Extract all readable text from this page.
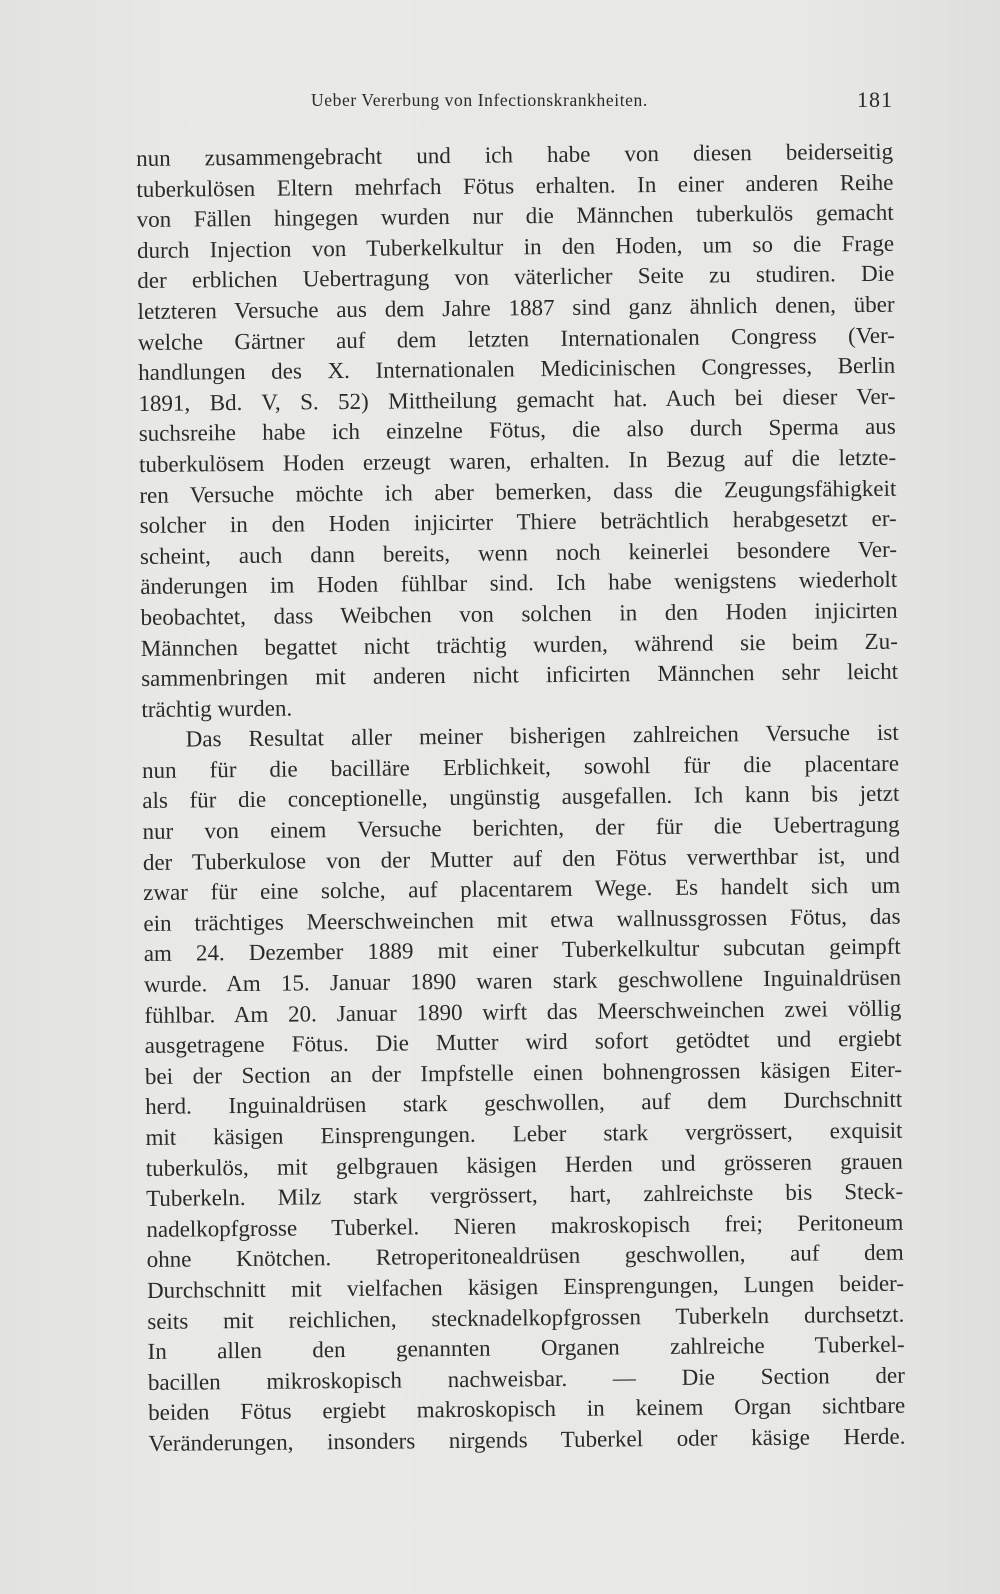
Ueber Vererbung von Infectionskrankheiten.	181
nun zusammengebracht und ich habe von diesen beiderseitig
tuberkulösen Eltern mehrfach Fötus erhalten. In einer anderen Reihe
von Fällen hingegen wurden nur die Männchen tuberkulös gemacht
durch Injection von Tuberkelkultur in den Hoden, um so die Frage
der erblichen Uebertragung von väterlicher Seite zu studiren. Die
letzteren Versuche aus dem Jahre 1887 sind ganz ähnlich denen, über
welche Gärtner auf dem letzten Internationalen Congress (Ver-
handlungen des X. Internationalen Medicinischen Congresses, Berlin
1891, Bd. V, S. 52) Mittheilung gemacht hat. Auch bei dieser Ver-
suchsreihe habe ich einzelne Fötus, die also durch Sperma aus
tuberkulösem Hoden erzeugt waren, erhalten. In Bezug auf die letzte-
ren Versuche möchte ich aber bemerken, dass die Zeugungsfähigkeit
solcher in den Hoden injicirter Thiere beträchtlich herabgesetzt er-
scheint, auch dann bereits, wenn noch keinerlei besondere Ver-
änderungen im Hoden fühlbar sind. Ich habe wenigstens wiederholt
beobachtet, dass Weibchen von solchen in den Hoden injicirten
Männchen begattet nicht trächtig wurden, während sie beim Zu-
sammenbringen mit anderen nicht inficirten Männchen sehr leicht
trächtig wurden.
Das Resultat aller meiner bisherigen zahlreichen Versuche ist
nun für die bacilläre Erblichkeit, sowohl für die placentare
als für die conceptionelle, ungünstig ausgefallen. Ich kann bis jetzt
nur von einem Versuche berichten, der für die Uebertragung
der Tuberkulose von der Mutter auf den Fötus verwerthbar ist, und
zwar für eine solche, auf placentarem Wege. Es handelt sich um
ein trächtiges Meerschweinchen mit etwa wallnussgrossen Fötus, das
am 24. Dezember 1889 mit einer Tuberkelkultur subcutan geimpft
wurde. Am 15. Januar 1890 waren stark geschwollene Inguinaldrüsen
fühlbar. Am 20. Januar 1890 wirft das Meerschweinchen zwei völlig
ausgetragene Fötus. Die Mutter wird sofort getödtet und ergiebt
bei der Section an der Impfstelle einen bohnengrossen käsigen Eiter-
herd. Inguinaldrüsen stark geschwollen, auf dem Durchschnitt
mit käsigen Einsprengungen. Leber stark vergrössert, exquisit
tuberkulös, mit gelbgrauen käsigen Herden und grösseren grauen
Tuberkeln. Milz stark vergrössert, hart, zahlreichste bis Steck-
nadelkopfgrosse Tuberkel. Nieren makroskopisch frei; Peritoneum
ohne Knötchen. Retroperitonealdrüsen geschwollen, auf dem
Durchschnitt mit vielfachen käsigen Einsprengungen, Lungen beider-
seits mit reichlichen, stecknadelkopfgrossen Tuberkeln durchsetzt.
In allen den genannten Organen zahlreiche Tuberkel-
bacillen mikroskopisch nachweisbar. — Die Section der
beiden Fötus ergiebt makroskopisch in keinem Organ sichtbare
Veränderungen, insonders nirgends Tuberkel oder käsige Herde.
